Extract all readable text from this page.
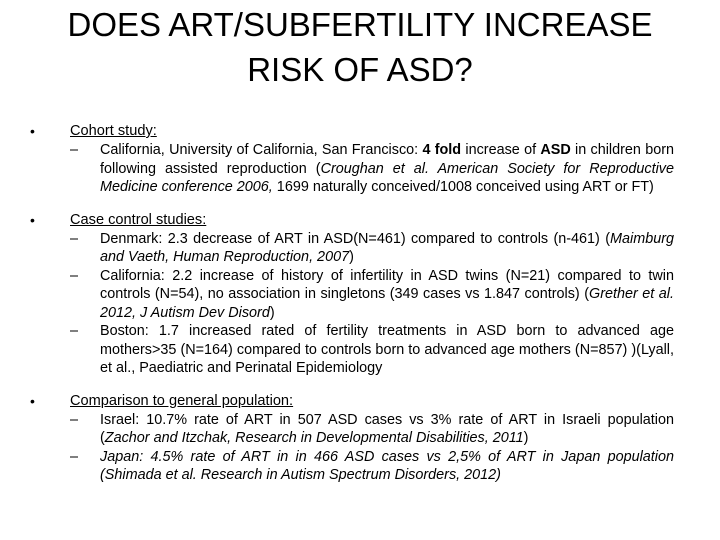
DOES ART/SUBFERTILITY INCREASE
RISK OF ASD?
• Cohort study:
– California, University of California, San Francisco: 4 fold increase of ASD in children born following assisted reproduction (Croughan et al. American Society for Reproductive Medicine conference 2006, 1699 naturally conceived/1008 conceived using ART or FT)
• Case control studies:
– Denmark: 2.3 decrease of ART in ASD(N=461) compared to controls (n-461) (Maimburg and Vaeth, Human Reproduction, 2007)
– California: 2.2 increase of history of infertility in ASD twins (N=21) compared to twin controls (N=54), no association in singletons (349 cases vs 1.847 controls) (Grether et al. 2012, J Autism Dev Disord)
– Boston: 1.7 increased rated of fertility treatments in ASD born to advanced age mothers>35 (N=164) compared to controls born to advanced age mothers (N=857) )(Lyall, et al., Paediatric and Perinatal Epidemiology
• Comparison to general population:
– Israel: 10.7% rate of ART in 507 ASD cases vs 3% rate of ART in Israeli population (Zachor and Itzchak, Research in Developmental Disabilities, 2011)
– Japan: 4.5% rate of ART in in 466 ASD cases vs 2,5% of ART in Japan population (Shimada et al. Research in Autism Spectrum Disorders, 2012)
